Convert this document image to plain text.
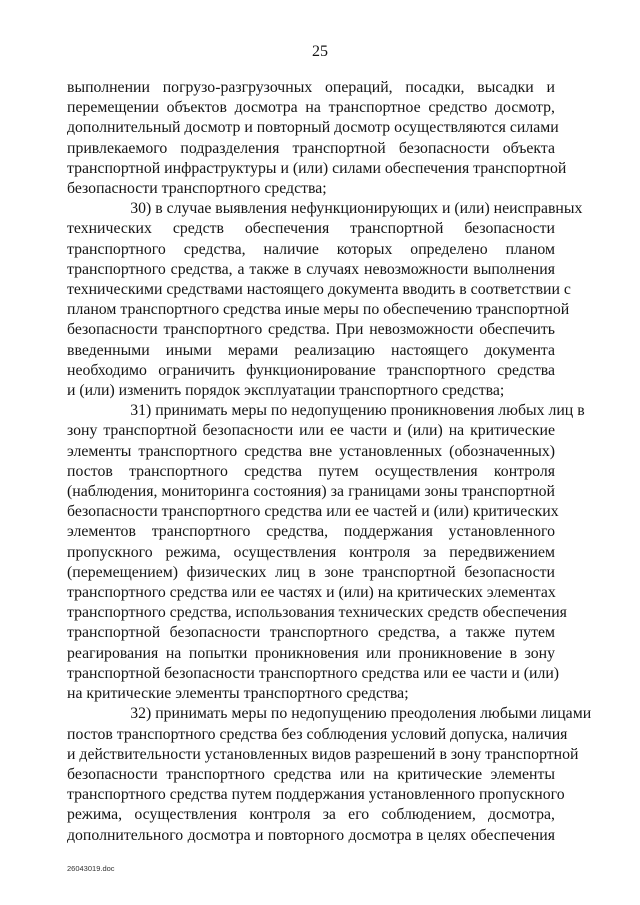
25

выполнении погрузо-разгрузочных операций, посадки, высадки и
перемещении объектов досмотра на транспортное средство досмотр,
дополнительный досмотр и повторный досмотр осуществляются силами
привлекаемого подразделения транспортной безопасности объекта
транспортной инфраструктуры и (или) силами обеспечения транспортной
безопасности транспортного средства;

30) в случае выявления нефункционирующих и (или) неисправных
технических средств обеспечения транспортной безопасности
транспортного средства, наличие которых определено планом
транспортного средства, а также в случаях невозможности выполнения
техническими средствами настоящего документа вводить в соответствии с
планом транспортного средства иные меры по обеспечению транспортной
безопасности транспортного средства. При невозможности обеспечить
введенными иными мерами реализацию настоящего документа
необходимо ограничить функционирование транспортного средства
и (или) изменить порядок эксплуатации транспортного средства;

31) принимать меры по недопущению проникновения любых лиц в
зону транспортной безопасности или ее части и (или) на критические
элементы транспортного средства вне установленных (обозначенных)
постов транспортного средства путем осуществления контроля
(наблюдения, мониторинга состояния) за границами зоны транспортной
безопасности транспортного средства или ее частей и (или) критических
элементов транспортного средства, поддержания установленного
пропускного режима, осуществления контроля за передвижением
(перемещением) физических лиц в зоне транспортной безопасности
транспортного средства или ее частях и (или) на критических элементах
транспортного средства, использования технических средств обеспечения
транспортной безопасности транспортного средства, а также путем
реагирования на попытки проникновения или проникновение в зону
транспортной безопасности транспортного средства или ее части и (или)
на критические элементы транспортного средства;

32) принимать меры по недопущению преодоления любыми лицами
постов транспортного средства без соблюдения условий допуска, наличия
и действительности установленных видов разрешений в зону транспортной
безопасности транспортного средства или на критические элементы
транспортного средства путем поддержания установленного пропускного
режима, осуществления контроля за его соблюдением, досмотра,
дополнительного досмотра и повторного досмотра в целях обеспечения

26043019.doc
